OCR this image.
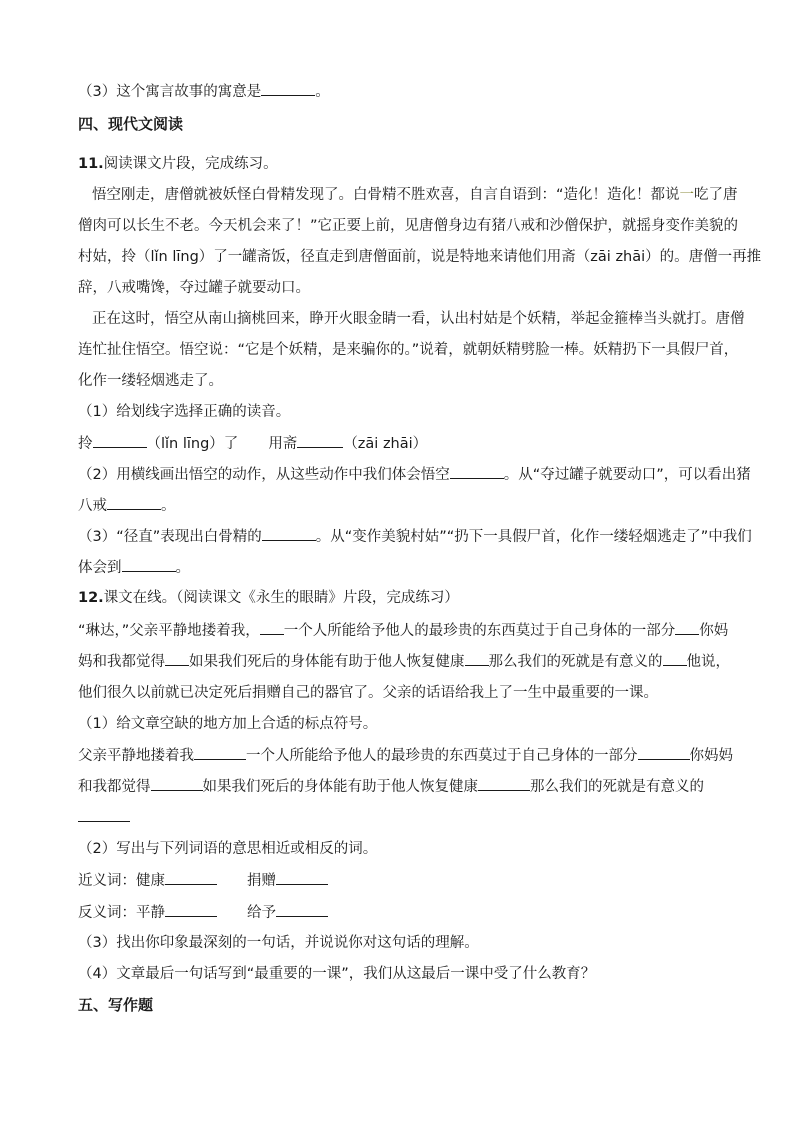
（3）这个寓言故事的寓意是	。
四、现代文阅读
11.阅读课文片段，完成练习。
悟空刚走，唐僧就被妖怪白骨精发现了。白骨精不胜欢喜，自言自语到：“造化！造化！都说一吃了唐
僧肉可以长生不老。今天机会来了！”它正要上前，见唐僧身边有猪八戒和沙僧保护，就摇身变作美貌的
村姑，拎（lǐn līng）了一罐斋饭，径直走到唐僧面前，说是特地来请他们用斋（zāi zhāi）的。唐僧一再推
辞，八戒嘴馋，夺过罐子就要动口。
正在这时，悟空从南山摘桃回来，睁开火眼金睛一看，认出村姑是个妖精，举起金箍棒当头就打。唐僧
连忙扯住悟空。悟空说：“它是个妖精，是来骗你的。”说着，就朝妖精劈脸一棒。妖精扔下一具假尸首，
化作一缕轻烟逃走了。
（1）给划线字选择正确的读音。
拎	（lǐn līng）了 用斋	（zāi zhāi）
（2）用横线画出悟空的动作，从这些动作中我们体会悟空	。从“夺过罐子就要动口”，可以看出猪
八戒	。
（3）“径直”表现出白骨精的	。从“变作美貌村姑”“扔下一具假尸首，化作一缕轻烟逃走了”中我们
体会到	。
12.课文在线。（阅读课文《永生的眼睛》片段，完成练习）
“琳达，”父亲平静地搂着我， 一个人所能给予他人的最珍贵的东西莫过于自己身体的一部分 你妈
妈和我都觉得 如果我们死后的身体能有助于他人恢复健康 那么我们的死就是有意义的 他说，
他们很久以前就已决定死后捐赠自己的器官了。父亲的话语给我上了一生中最重要的一课。
（1）给文章空缺的地方加上合适的标点符号。
父亲平静地搂着我	一个人所能给予他人的最珍贵的东西莫过于自己身体的一部分	你妈妈
和我都觉得	如果我们死后的身体能有助于他人恢复健康	那么我们的死就是有意义的
（2）写出与下列词语的意思相近或相反的词。
近义词：健康	捐赠
反义词：平静	给予
（3）找出你印象最深刻的一句话，并说说你对这句话的理解。
（4）文章最后一句话写到“最重要的一课”，我们从这最后一课中受了什么教育？
五、写作题
